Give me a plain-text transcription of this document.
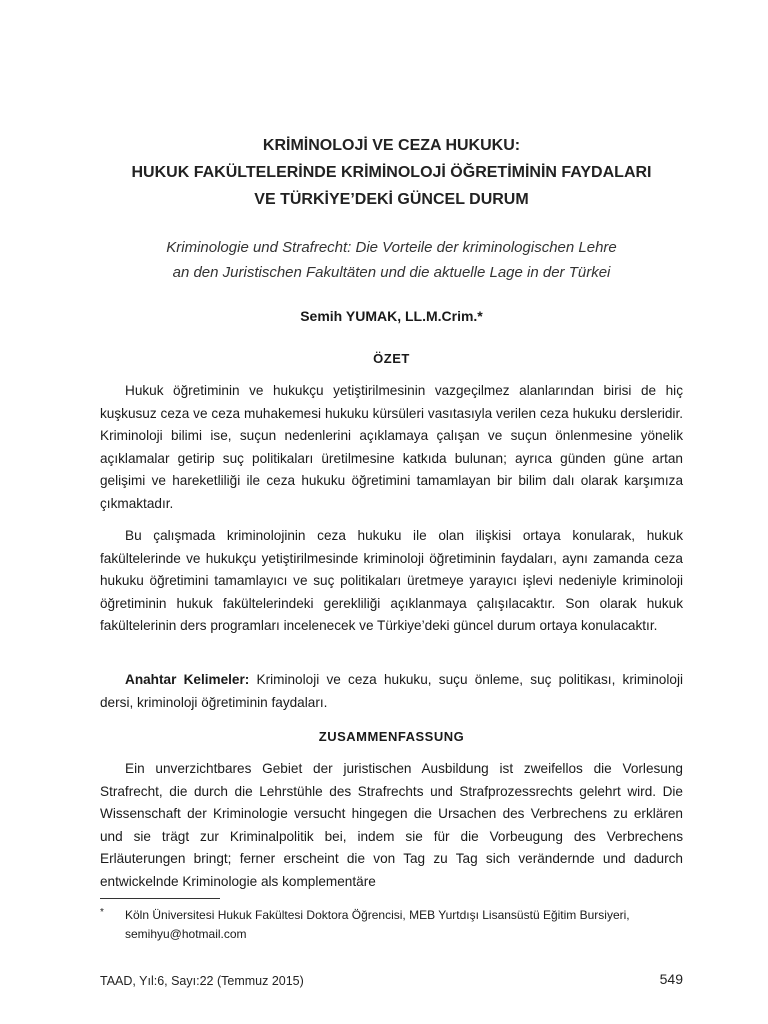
KRİMİNOLOJİ VE CEZA HUKUKU:
HUKUK FAKÜLTELERİNDE KRİMİNOLOJİ ÖĞRETİMİNİN FAYDALARI
VE TÜRKİYE’DEKİ GÜNCEL DURUM
Kriminologie und Strafrecht: Die Vorteile der kriminologischen Lehre
an den Juristischen Fakultäten und die aktuelle Lage in der Türkei
Semih YUMAK, LL.M.Crim.*
ÖZET

Hukuk öğretiminin ve hukukçu yetiştirilmesinin vazgeçilmez alanlarından birisi de hiç kuşkusuz ceza ve ceza muhakemesi hukuku kürsüleri vasıtasıyla verilen ceza hukuku dersleridir. Kriminoloji bilimi ise, suçun nedenlerini açıklamaya çalışan ve suçun önlenmesine yönelik açıklamalar getirip suç politikaları üretilmesine katkıda bulunan; ayrıca günden güne artan gelişimi ve hareketliliği ile ceza hukuku öğretimini tamamlayan bir bilim dalı olarak karşımıza çıkmaktadır.

Bu çalışmada kriminolojinin ceza hukuku ile olan ilişkisi ortaya konularak, hukuk fakültelerinde ve hukukçu yetiştirilmesinde kriminoloji öğretiminin faydaları, aynı zamanda ceza hukuku öğretimini tamamlayıcı ve suç politikaları üretmeye yarayıcı işlevi nedeniyle kriminoloji öğretiminin hukuk fakültelerindeki gerekliliği açıklanmaya çalışılacaktır. Son olarak hukuk fakültelerinin ders programları incelenecek ve Türkiye’deki güncel durum ortaya konulacaktır.

Anahtar Kelimeler: Kriminoloji ve ceza hukuku, suçu önleme, suç politikası, kriminoloji dersi, kriminoloji öğretiminin faydaları.

ZUSAMMENFASSUNG

Ein unverzichtbares Gebiet der juristischen Ausbildung ist zweifellos die Vorlesung Strafrecht, die durch die Lehrstühle des Strafrechts und Strafprozessrechts gelehrt wird. Die Wissenschaft der Kriminologie versucht hingegen die Ursachen des Verbrechens zu erklären und sie trägt zur Kriminalpolitik bei, indem sie für die Vorbeugung des Verbrechens Erläuterungen bringt; ferner erscheint die von Tag zu Tag sich verändernde und dadurch entwickelnde Kriminologie als komplementäre

* Köln Üniversitesi Hukuk Fakültesi Doktora Öğrencisi, MEB Yurtdışı Lisansüstü Eğitim Bursiyeri,
semihyu@hotmail.com
TAAD, Yıl:6, Sayı:22 (Temmuz 2015)	549
